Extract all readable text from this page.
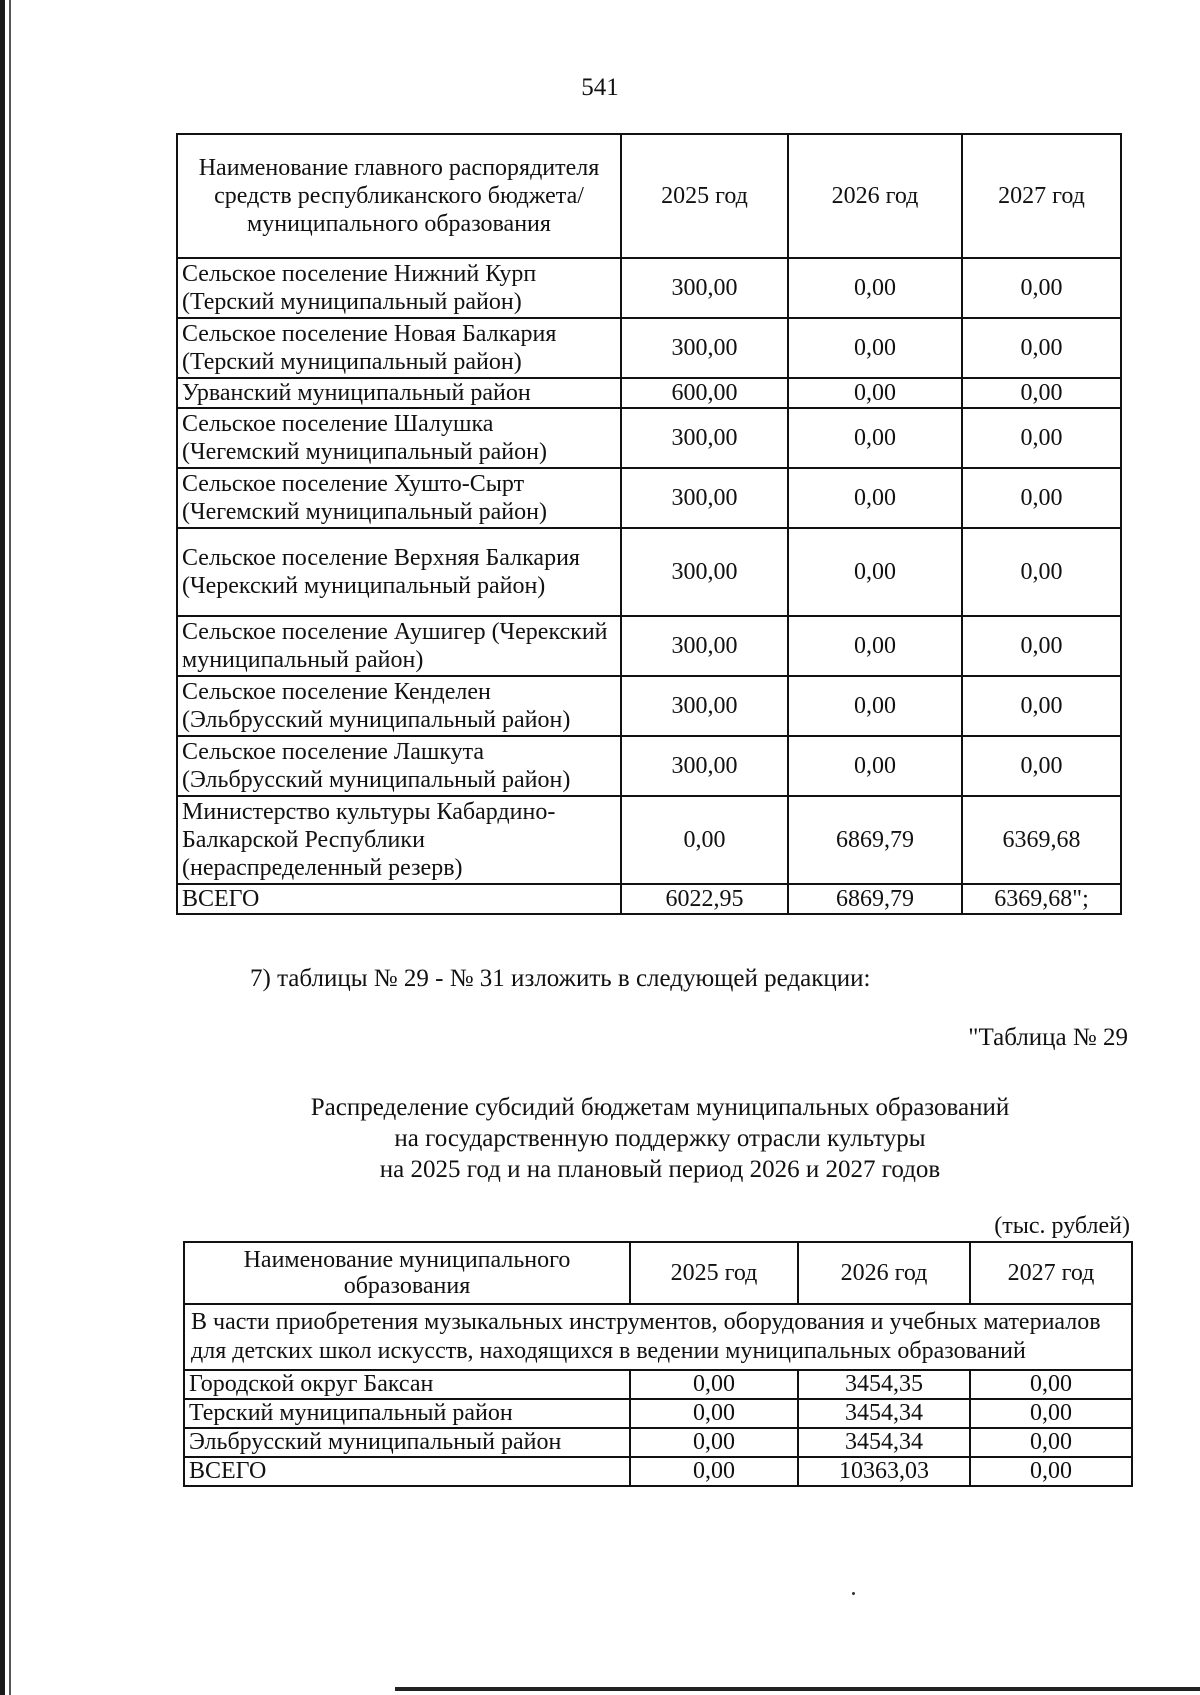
541
Наименование главного распорядителя средств республиканского бюджета/ муниципального образования	2025 год	2026 год	2027 год
Сельское поселение Нижний Курп (Терский муниципальный район)	300,00	0,00	0,00
Сельское поселение Новая Балкария (Терский муниципальный район)	300,00	0,00	0,00
Урванский муниципальный район	600,00	0,00	0,00
Сельское поселение Шалушка (Чегемский муниципальный район)	300,00	0,00	0,00
Сельское поселение Хушто-Сырт (Чегемский муниципальный район)	300,00	0,00	0,00
Сельское поселение Верхняя Балкария (Черекский муниципальный район)	300,00	0,00	0,00
Сельское поселение Аушигер (Черекский муниципальный район)	300,00	0,00	0,00
Сельское поселение Кенделен (Эльбрусский муниципальный район)	300,00	0,00	0,00
Сельское поселение Лашкута (Эльбрусский муниципальный район)	300,00	0,00	0,00
Министерство культуры Кабардино-Балкарской Республики (нераспределенный резерв)	0,00	6869,79	6369,68
ВСЕГО	6022,95	6869,79	6369,68";
7) таблицы № 29 - № 31 изложить в следующей редакции:
"Таблица № 29
Распределение субсидий бюджетам муниципальных образований
на государственную поддержку отрасли культуры
на 2025 год и на плановый период 2026 и 2027 годов
(тыс. рублей)
Наименование муниципального образования	2025 год	2026 год	2027 год
В части приобретения музыкальных инструментов, оборудования и учебных материалов для детских школ искусств, находящихся в ведении муниципальных образований			
Городской округ Баксан	0,00	3454,35	0,00
Терский муниципальный район	0,00	3454,34	0,00
Эльбрусский муниципальный район	0,00	3454,34	0,00
ВСЕГО	0,00	10363,03	0,00
